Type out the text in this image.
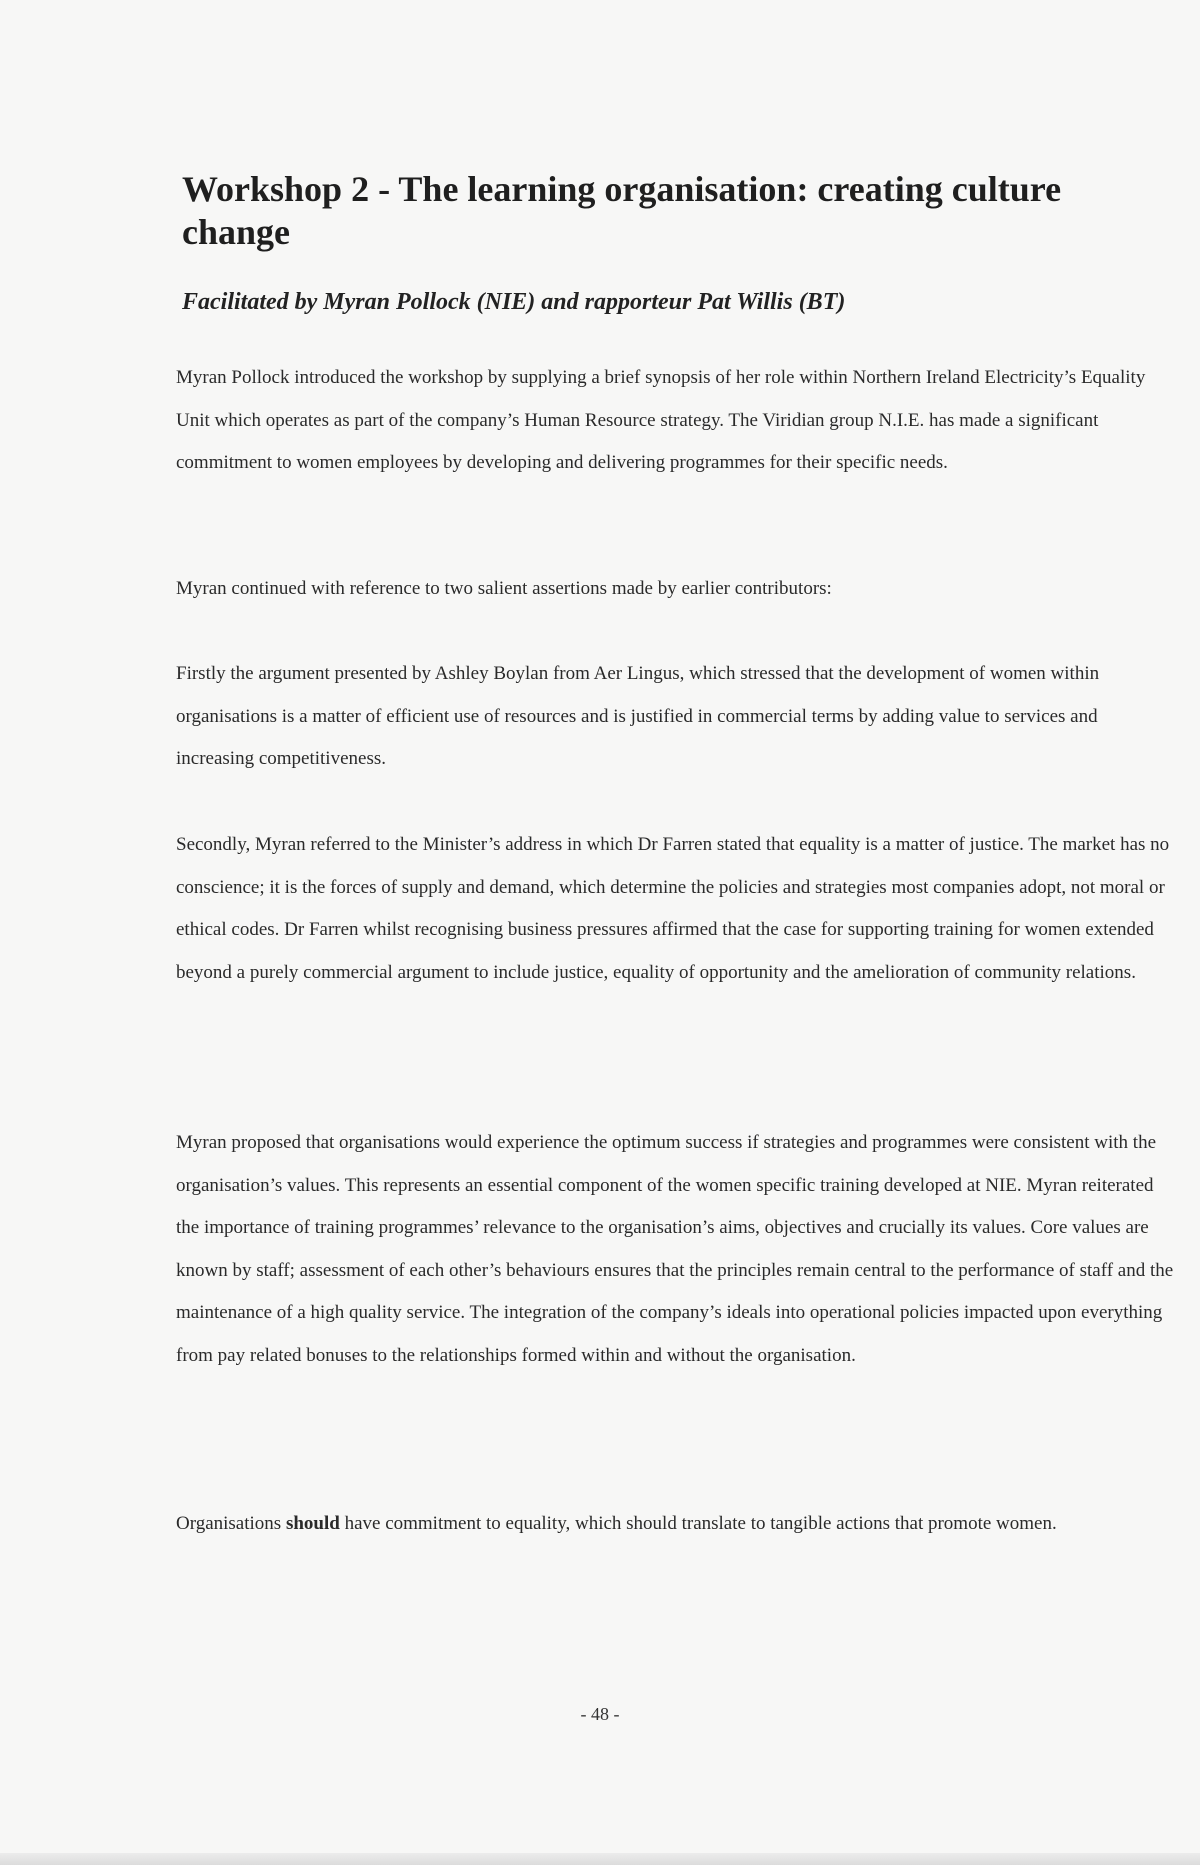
Workshop 2 - The learning organisation: creating culture change
Facilitated by Myran Pollock (NIE) and rapporteur Pat Willis (BT)

Myran Pollock introduced the workshop by supplying a brief synopsis of her role within Northern Ireland Electricity’s Equality Unit which operates as part of the company’s Human Resource strategy. The Viridian group N.I.E. has made a significant commitment to women employees by developing and delivering programmes for their specific needs.

Myran continued with reference to two salient assertions made by earlier contributors:

Firstly the argument presented by Ashley Boylan from Aer Lingus, which stressed that the development of women within organisations is a matter of efficient use of resources and is justified in commercial terms by adding value to services and increasing competitiveness.

Secondly, Myran referred to the Minister’s address in which Dr Farren stated that equality is a matter of justice. The market has no conscience; it is the forces of supply and demand, which determine the policies and strategies most companies adopt, not moral or ethical codes. Dr Farren whilst recognising business pressures affirmed that the case for supporting training for women extended beyond a purely commercial argument to include justice, equality of opportunity and the amelioration of community relations.

Myran proposed that organisations would experience the optimum success if strategies and programmes were consistent with the organisation’s values. This represents an essential component of the women specific training developed at NIE. Myran reiterated the importance of training programmes’ relevance to the organisation’s aims, objectives and crucially its values. Core values are known by staff; assessment of each other’s behaviours ensures that the principles remain central to the performance of staff and the maintenance of a high quality service. The integration of the company’s ideals into operational policies impacted upon everything from pay related bonuses to the relationships formed within and without the organisation.

Organisations should have commitment to equality, which should translate to tangible actions that promote women.

- 48 -
